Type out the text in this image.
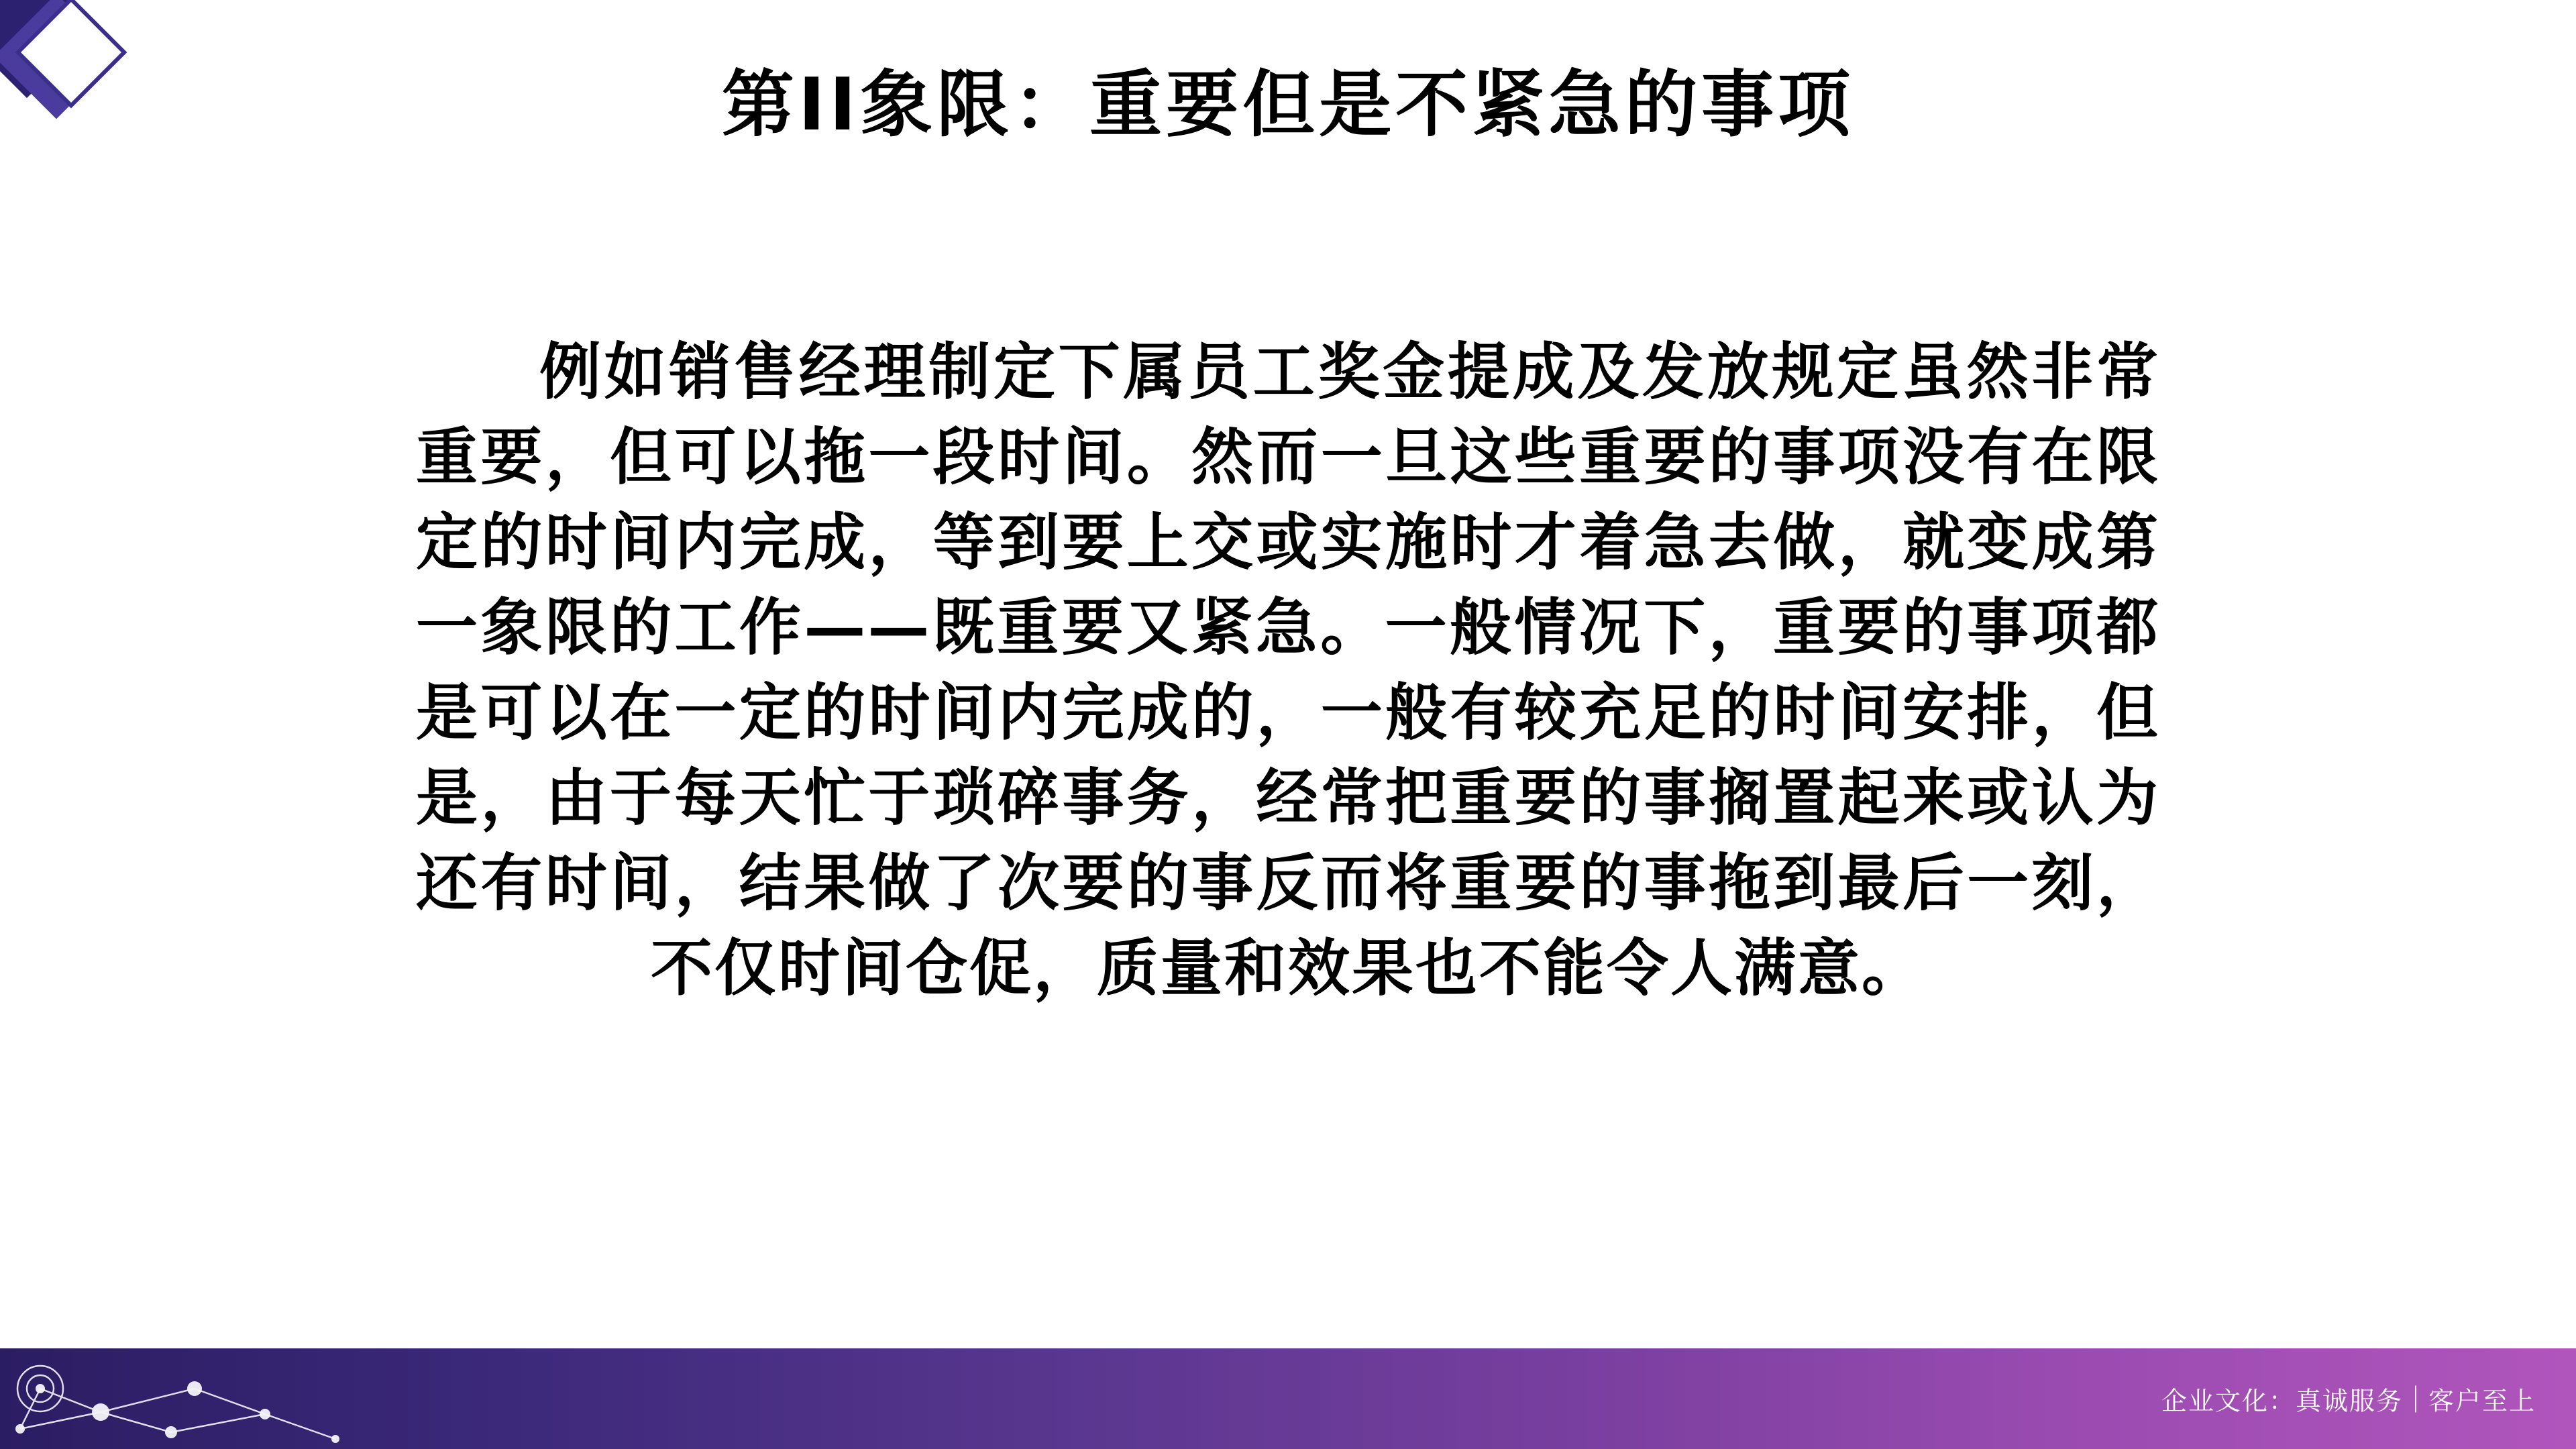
第II象限：重要但是不紧急的事项

例如销售经理制定下属员工奖金提成及发放规定虽然非常重要，但可以拖一段时间。然而一旦这些重要的事项没有在限定的时间内完成，等到要上交或实施时才着急去做，就变成第一象限的工作——既重要又紧急。一般情况下，重要的事项都是可以在一定的时间内完成的，一般有较充足的时间安排，但是，由于每天忙于琐碎事务，经常把重要的事搁置起来或认为还有时间，结果做了次要的事反而将重要的事拖到最后一刻，不仅时间仓促，质量和效果也不能令人满意。

企业文化：真诚服务 客户至上
